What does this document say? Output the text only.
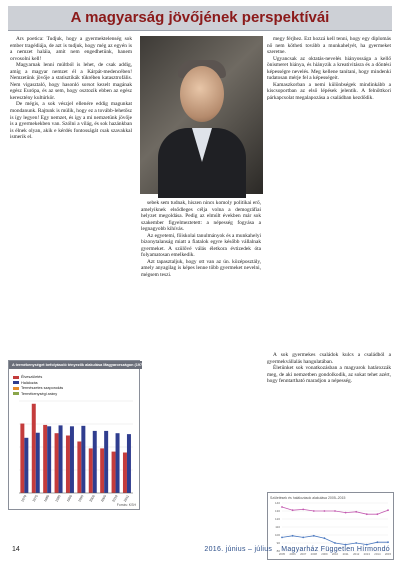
A magyarság jövőjének perspektívái

Ars poetica: Tudjuk, hogy a gyermektelenség sok ember tragédiája, de azt is tudjuk, hogy még az egyén is a nemzet haláia, amit nem engedhetünk, hanem orvosolni kell!

Magyarnak lenni múltból is lehet, de csak addig, amíg a magyar nemzet él a Kárpát-medencében! Nemzetünk jövője a statisztikák tükrében katasztrofális. Nem vigasztaló, hogy hasonló sorsot kezelt magának egész Európa, és az sem, hogy osztozik ebben az egész keresztény kultúrkör.

De mégis, a sok vészjel ellenére eddig magunkat mondanunk. Rajtunk is múlik, hogy ez a tovább-lehetősz is így legyen! Egy nemzet, és így a mi nemzetünk jövője is a gyermekekben van. Szólni a világ, és sok hazánkban is élnek olyan, akik e kérdés fontosságát csak szavakkal ismerik el.

sebek sem tudnak, hiszen nincs komoly politikai erő, amelyiknek elsődleges célja volna a demográfiai helyzet megoldása. Pedig az elmúlt években már sok szakember figyelmeztetett: a népesség fogyása a legnagyobb kihívás.

Az egyetemi, főiskolai tanulmányok és a munkahelyi bizonytalanság miatt a fiatalok egyre később vállalnak gyermeket. A szülővé válás életkora évtizedek óta folyamatosan emelkedik.

Azt tapasztaljuk, hogy ott van az ún. középosztály, amely anyagilag is képes lenne több gyermeket nevelni, mégsem teszi.

megy férjhez. Ezt hozzá kell tenni, hogy egy diplomás nő nem kötheti tovább a munkahelyét, ha gyermeket szeretne.

Ugyancsak az oktatás-nevelés hiányossága a kellő önismeret hiánya, és hiányzik a kreativitásra és a döntési képességre nevelés. Meg kellene tanítani, hogy mindenki tudatosan mérje fel a képességeit.

Kamaszkorban a nemi különbségek mindinkább a kiscsoportban az első lépések jelentik. A felnőttkori párkapcsolat megalapozása a családban kezdődik.

A sok gyermekes családok kulcs a családból a gyermekvállalás hangulatában.

Életünket sok vonatkozásban a magyarok határozzák meg, de aki nemzetben gondolkodik, az sokat tehet azért, hogy fenntartható maradjon a népesség.

A termékenységet befolyásoló tényezők alakulása Magyarországon (1970–2011)
Élveszületés
Halálozás
Természetes szaporodás
Termékenységi arány
1970 1975 1980 1985 1990 1995 2000 2005 2010 2011
Forrás: KSH
Születések és halálozások alakulása 2005–2015
80
90
100
110
120
130
140
2005 2006 2007 2008 2009 2010 2011 2012 2013 2014 2015
14	2016. június – július Magyarház Független Hírmondó
